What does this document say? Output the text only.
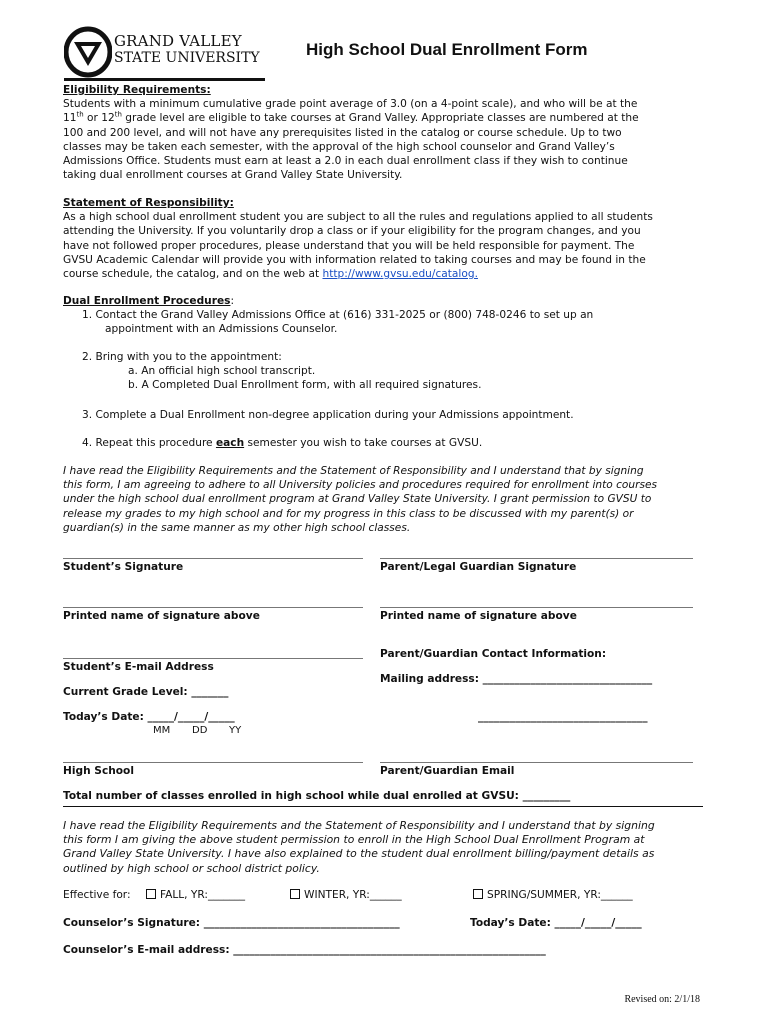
GRAND VALLEY
STATE UNIVERSITY	High School Dual Enrollment Form
Eligibility Requirements:
Students with a minimum cumulative grade point average of 3.0 (on a 4-point scale), and who will be at the
11th or 12th grade level are eligible to take courses at Grand Valley. Appropriate classes are numbered at the
100 and 200 level, and will not have any prerequisites listed in the catalog or course schedule. Up to two
classes may be taken each semester, with the approval of the high school counselor and Grand Valley’s
Admissions Office. Students must earn at least a 2.0 in each dual enrollment class if they wish to continue
taking dual enrollment courses at Grand Valley State University.
Statement of Responsibility:
As a high school dual enrollment student you are subject to all the rules and regulations applied to all students
attending the University. If you voluntarily drop a class or if your eligibility for the program changes, and you
have not followed proper procedures, please understand that you will be held responsible for payment. The
GVSU Academic Calendar will provide you with information related to taking courses and may be found in the
course schedule, the catalog, and on the web at http://www.gvsu.edu/catalog.
Dual Enrollment Procedures:
1. Contact the Grand Valley Admissions Office at (616) 331-2025 or (800) 748-0246 to set up an
appointment with an Admissions Counselor.
2. Bring with you to the appointment:
a. An official high school transcript.
b. A Completed Dual Enrollment form, with all required signatures.
3. Complete a Dual Enrollment non-degree application during your Admissions appointment.
4. Repeat this procedure each semester you wish to take courses at GVSU.
I have read the Eligibility Requirements and the Statement of Responsibility and I understand that by signing
this form, I am agreeing to adhere to all University policies and procedures required for enrollment into courses
under the high school dual enrollment program at Grand Valley State University. I grant permission to GVSU to
release my grades to my high school and for my progress in this class to be discussed with my parent(s) or
guardian(s) in the same manner as my other high school classes.
Student’s Signature	Parent/Legal Guardian Signature
Printed name of signature above	Printed name of signature above
Parent/Guardian Contact Information:
Student’s E-mail Address
Mailing address: ________________________________
Current Grade Level: _______
Today’s Date: _____/_____/_____	________________________________
MM DD YY
High School	Parent/Guardian Email
Total number of classes enrolled in high school while dual enrolled at GVSU: _________
I have read the Eligibility Requirements and the Statement of Responsibility and I understand that by signing
this form I am giving the above student permission to enroll in the High School Dual Enrollment Program at
Grand Valley State University. I have also explained to the student dual enrollment billing/payment details as
outlined by high school or school district policy.
Effective for:	FALL, YR:_______	WINTER, YR:______	SPRING/SUMMER, YR:______
Counselor’s Signature: _____________________________________	Today’s Date: _____/_____/_____
Counselor’s E-mail address: ___________________________________________________________
Revised on: 2/1/18
